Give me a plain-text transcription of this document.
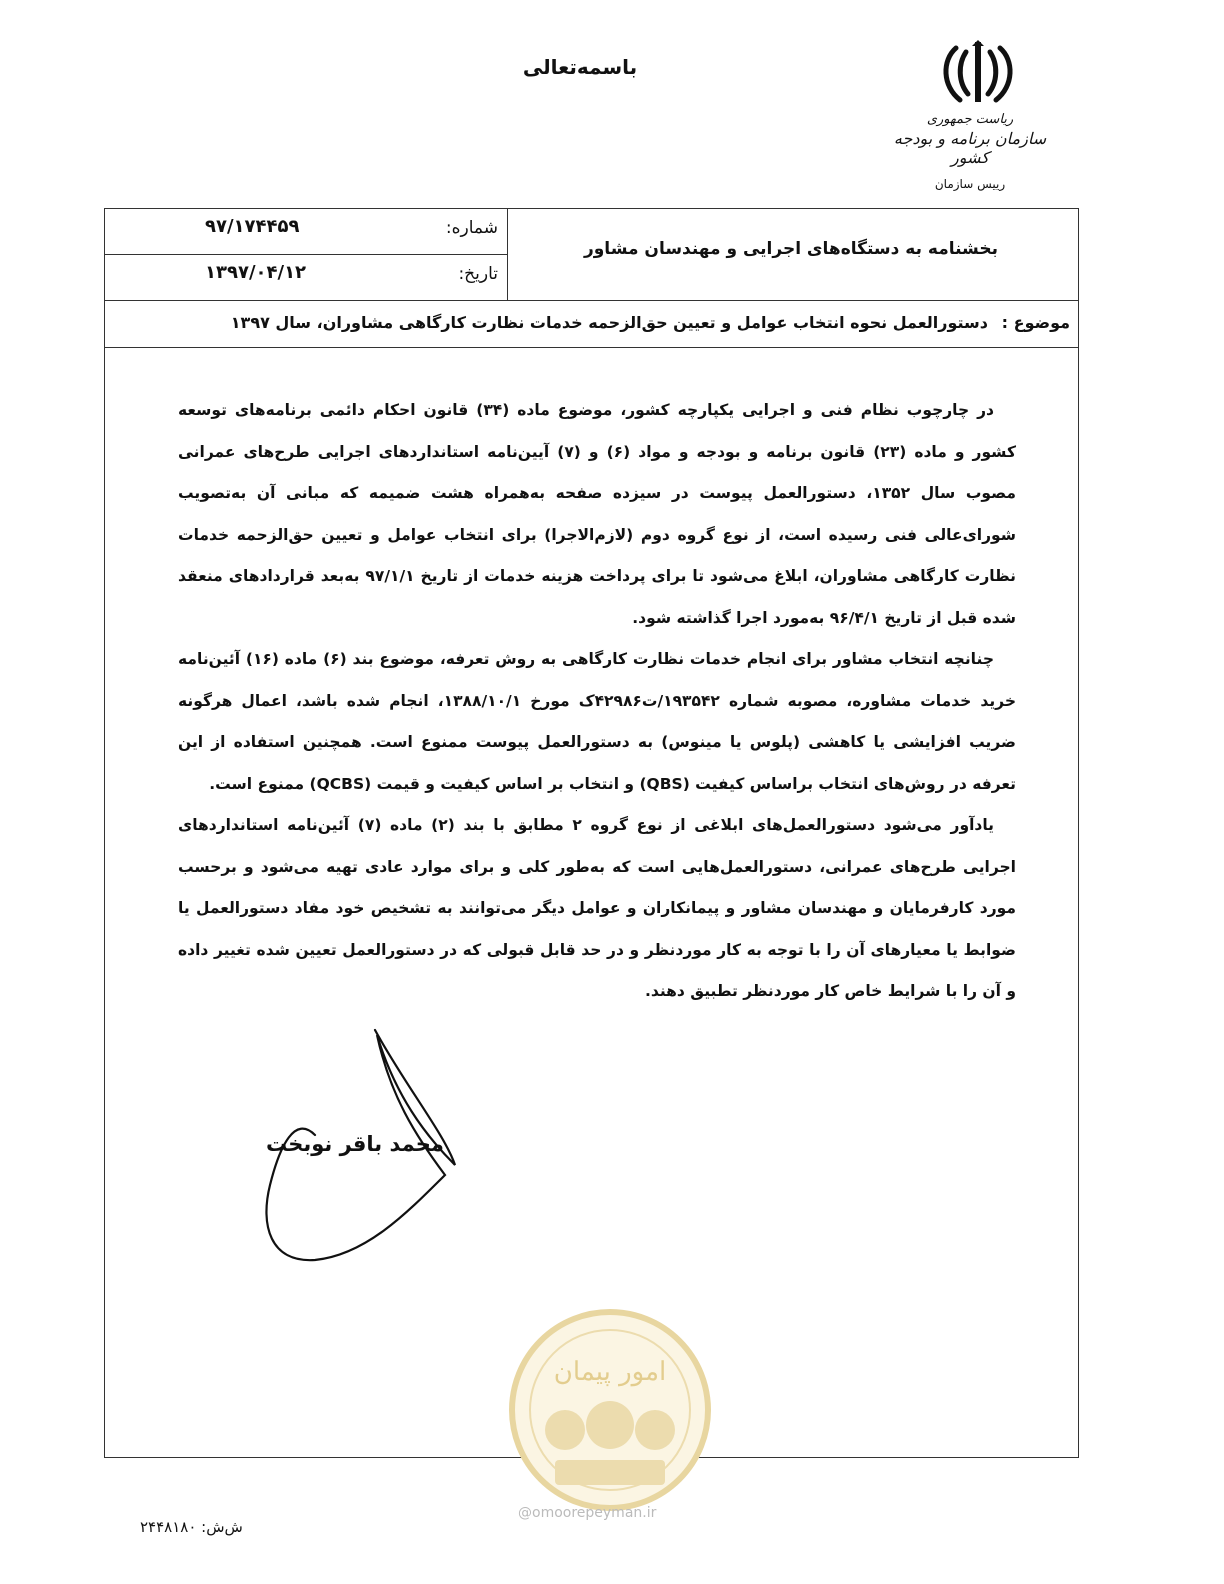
باسمه‌تعالی
ریاست جمهوری
سازمان برنامه و بودجه کشور
رییس سازمان
شماره:
۹۷/۱۷۴۴۵۹
تاریخ:
۱۳۹۷/۰۴/۱۲
بخشنامه به دستگاه‌های اجرایی و مهندسان مشاور
موضوع :
دستورالعمل نحوه انتخاب عوامل و تعیین حق‌الزحمه خدمات نظارت کارگاهی مشاوران، سال ۱۳۹۷

در چارچوب نظام فنی و اجرایی یکپارچه کشور، موضوع ماده (۳۴) قانون احکام دائمی برنامه‌های توسعه کشور و ماده (۲۳) قانون برنامه و بودجه و مواد (۶) و (۷) آیین‌نامه استانداردهای اجرایی طرح‌های عمرانی مصوب سال ۱۳۵۲، دستورالعمل پیوست در سیزده صفحه به‌همراه هشت ضمیمه که مبانی آن به‌تصویب شورای‌عالی فنی رسیده است، از نوع گروه دوم (لازم‌الاجرا) برای انتخاب عوامل و تعیین حق‌الزحمه خدمات نظارت کارگاهی مشاوران، ابلاغ می‌شود تا برای پرداخت هزینه خدمات از تاریخ ۹۷/۱/۱ به‌بعد قراردادهای منعقد شده قبل از تاریخ ۹۶/۴/۱ به‌مورد اجرا گذاشته شود.

چنانچه انتخاب مشاور برای انجام خدمات نظارت کارگاهی به روش تعرفه، موضوع بند (۶) ماده (۱۶) آئین‌نامه خرید خدمات مشاوره، مصوبه شماره ۱۹۳۵۴۲/ت۴۲۹۸۶ک مورخ ۱۳۸۸/۱۰/۱، انجام شده باشد، اعمال هرگونه ضریب افزایشی یا کاهشی (پلوس یا مینوس) به دستورالعمل پیوست ممنوع است. همچنین استفاده از این تعرفه در روش‌های انتخاب براساس کیفیت (QBS) و انتخاب بر اساس کیفیت و قیمت (QCBS) ممنوع است.

یادآور می‌شود دستورالعمل‌های ابلاغی از نوع گروه ۲ مطابق با بند (۲) ماده (۷) آئین‌نامه استانداردهای اجرایی طرح‌های عمرانی، دستورالعمل‌هایی است که به‌طور کلی و برای موارد عادی تهیه می‌شود و برحسب مورد کارفرمایان و مهندسان مشاور و پیمانکاران و عوامل دیگر می‌توانند به تشخیص خود مفاد دستورالعمل یا ضوابط یا معیارهای آن را با توجه به کار موردنظر و در حد قابل قبولی که در دستورالعمل تعیین شده تغییر داده و آن را با شرایط خاص کار موردنظر تطبیق دهند.

محمد باقر نوبخت
امور پیمان
@omoorepeyman.ir
ش‌ش: ۲۴۴۸۱۸۰
